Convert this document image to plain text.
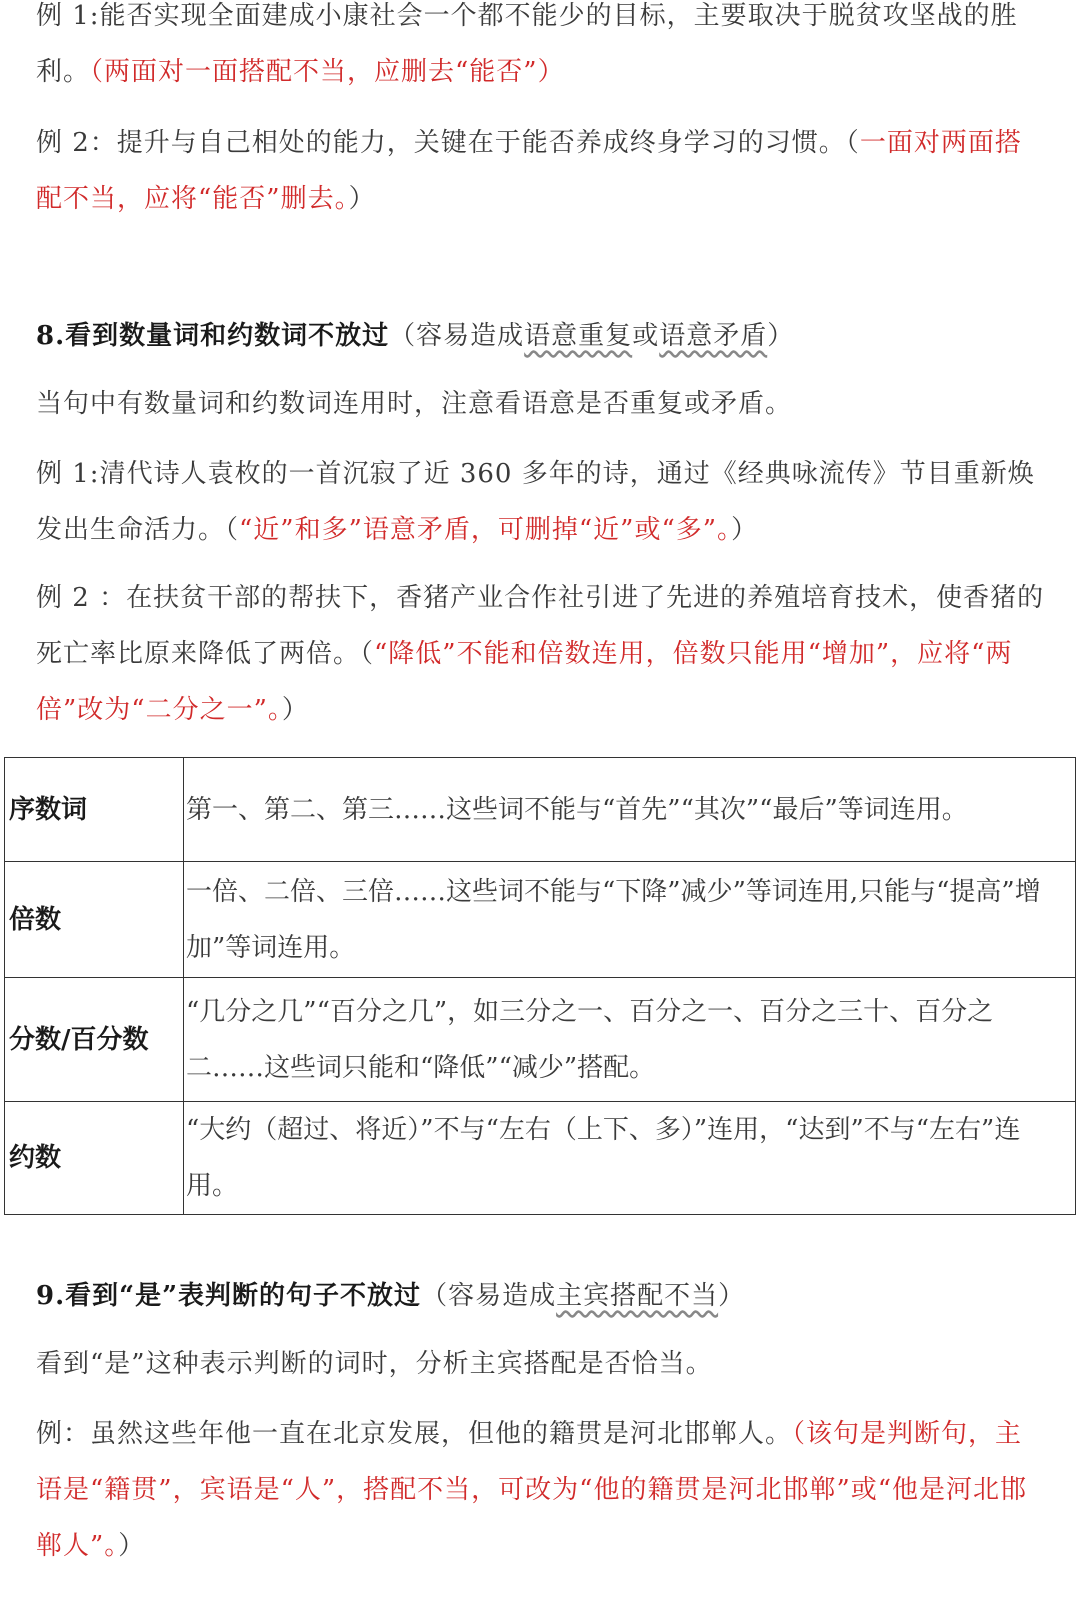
例 1:能否实现全面建成小康社会一个都不能少的目标，主要取决于脱贫攻坚战的胜利。（两面对一面搭配不当，应删去“能否”）
例 2：提升与自己相处的能力，关键在于能否养成终身学习的习惯。（一面对两面搭配不当，应将“能否”删去。）
8.看到数量词和约数词不放过（容易造成语意重复或语意矛盾）
当句中有数量词和约数词连用时，注意看语意是否重复或矛盾。
例 1:清代诗人袁枚的一首沉寂了近 360 多年的诗，通过《经典咏流传》节目重新焕发出生命活力。（“近”和多”语意矛盾，可删掉“近”或“多”。）
例 2 ：在扶贫干部的帮扶下，香猪产业合作社引进了先进的养殖培育技术，使香猪的死亡率比原来降低了两倍。（“降低”不能和倍数连用，倍数只能用“增加”，应将“两倍”改为“二分之一”。）
序数词	第一、第二、第三……这些词不能与“首先”“其次”“最后”等词连用。
倍数	一倍、二倍、三倍……这些词不能与“下降”减少”等词连用,只能与“提高”增加”等词连用。
分数/百分数	“几分之几”“百分之几”，如三分之一、百分之一、百分之三十、百分之二……这些词只能和“降低”“减少”搭配。
约数	“大约（超过、将近）”不与“左右（上下、多）”连用，“达到”不与“左右”连用。
9.看到“是”表判断的句子不放过（容易造成主宾搭配不当）
看到“是”这种表示判断的词时，分析主宾搭配是否恰当。
例：虽然这些年他一直在北京发展，但他的籍贯是河北邯郸人。（该句是判断句，主语是“籍贯”，宾语是“人”，搭配不当，可改为“他的籍贯是河北邯郸”或“他是河北邯郸人”。）
